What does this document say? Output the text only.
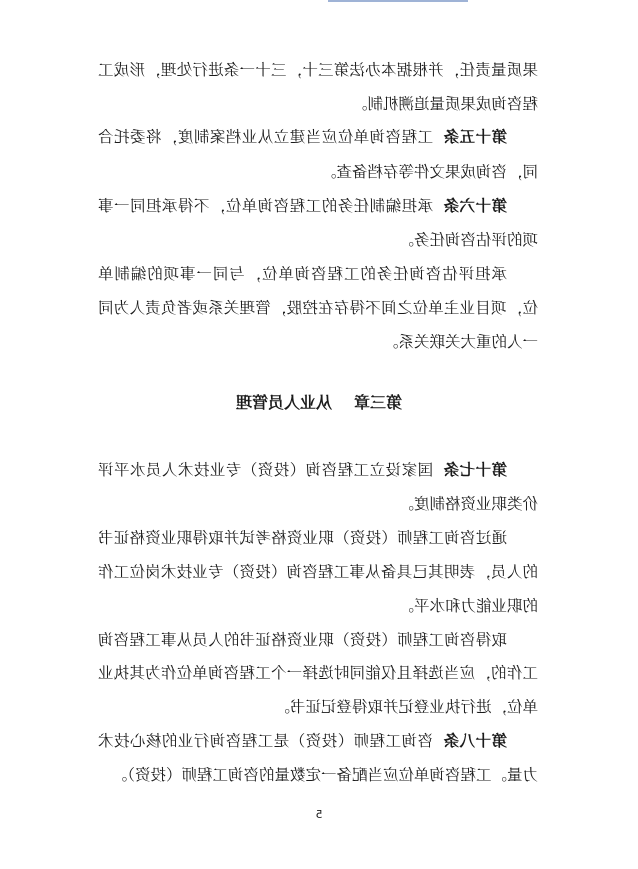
果质量责任，并根据本办法第三十，三十一条进行处理，形成工
程咨询成果质量追溯机制。
第十五条工程咨询单位应当建立从业档案制度，将委托合
同，咨询成果文件等存档备查。
第十六条承担编制任务的工程咨询单位，不得承担同一事
项的评估咨询任务。
承担评估咨询任务的工程咨询单位，与同一事项的编制单
位，项目业主单位之间不得存在控股，管理关系或者负责人为同
一人的重大关联关系。
第三章从业人员管理
第十七条国家设立工程咨询（投资）专业技术人员水平评
价类职业资格制度。
通过咨询工程师（投资）职业资格考试并取得职业资格证书
的人员，表明其已具备从事工程咨询（投资）专业技术岗位工作
的职业能力和水平。
取得咨询工程师（投资）职业资格证书的人员从事工程咨询
工作的，应当选择且仅能同时选择一个工程咨询单位作为其执业
单位，进行执业登记并取得登记证书。
第十八条咨询工程师（投资）是工程咨询行业的核心技术
力量。工程咨询单位应当配备一定数量的咨询工程师（投资）。
5
